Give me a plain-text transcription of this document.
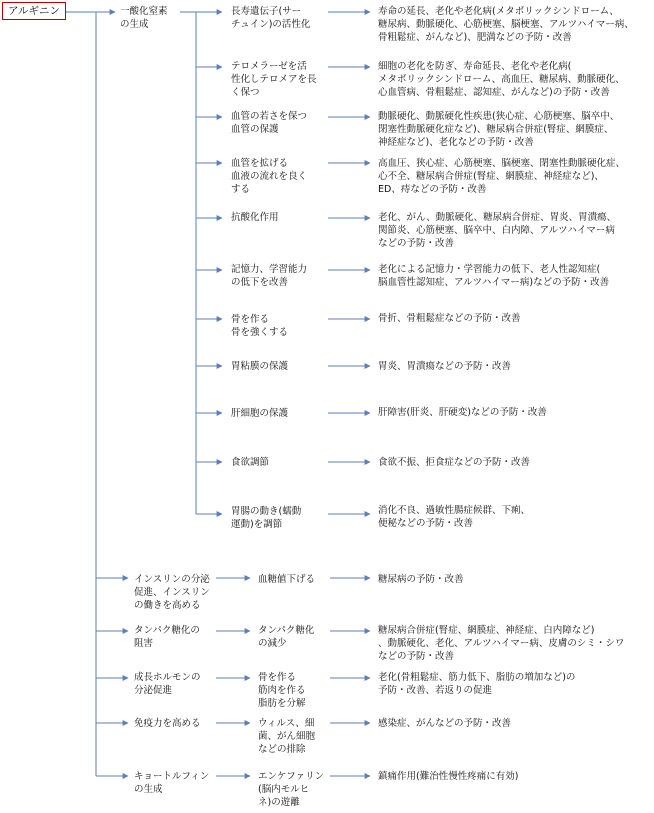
アルギニン	一酸化窒素
の生成
長寿遺伝子(サー
チュイン)の活性化
寿命の延長、老化や老化病(メタボリックシンドローム、
糖尿病、動脈硬化、心筋梗塞、脳梗塞、アルツハイマー病、
骨粗鬆症、がんなど)、肥満などの予防・改善
テロメラーゼを活
性化しテロメアを長
く保つ
細胞の老化を防ぎ、寿命延長、老化や老化病(
メタボリックシンドローム、高血圧、糖尿病、動脈硬化、
心血管病、骨粗鬆症、認知症、がんなど)の予防・改善
血管の若さを保つ
血管の保護
動脈硬化、動脈硬化性疾患(狭心症、心筋梗塞、脳卒中、
閉塞性動脈硬化症など)、糖尿病合併症(腎症、網膜症、
神経症など)、老化などの予防・改善
血管を拡げる
血液の流れを良く
する
高血圧、狭心症、心筋梗塞、脳梗塞、閉塞性動脈硬化症、
心不全、糖尿病合併症(腎症、網膜症、神経症など)、
ED、痔などの予防・改善
抗酸化作用	老化、がん、動脈硬化、糖尿病合併症、胃炎、胃潰瘍、
関節炎、心筋梗塞、脳卒中、白内障、アルツハイマー病
などの予防・改善
記憶力、学習能力
の低下を改善
老化による記憶力・学習能力の低下、老人性認知症(
脳血管性認知症、アルツハイマー病)などの予防・改善
骨を作る
骨を強くする
骨折、骨粗鬆症などの予防・改善
胃粘膜の保護	胃炎、胃潰瘍などの予防・改善
肝細胞の保護	肝障害(肝炎、肝硬変)などの予防・改善
食欲調節	食欲不振、拒食症などの予防・改善
胃腸の動き(蠕動
運動)を調節
消化不良、過敏性腸症候群、下痢、
便秘などの予防・改善
インスリンの分泌
促進、インスリン
の働きを高める
血糖値下げる	糖尿病の予防・改善
タンパク糖化の
阻害
タンパク糖化
の減少
糖尿病合併症(腎症、網膜症、神経症、白内障など)
、動脈硬化、老化、アルツハイマー病、皮膚のシミ・シワ
などの予防・改善
成長ホルモンの
分泌促進
骨を作る
筋肉を作る
脂肪を分解
老化(骨粗鬆症、筋力低下、脂肪の増加など)の
予防・改善、若返りの促進
免疫力を高める	ウィルス、細
菌、がん細胞
などの排除
感染症、がんなどの予防・改善
キョートルフィン
の生成
エンケファリン
(脳内モルヒ
ネ)の遊離
鎮痛作用(難治性慢性疼痛に有効)
